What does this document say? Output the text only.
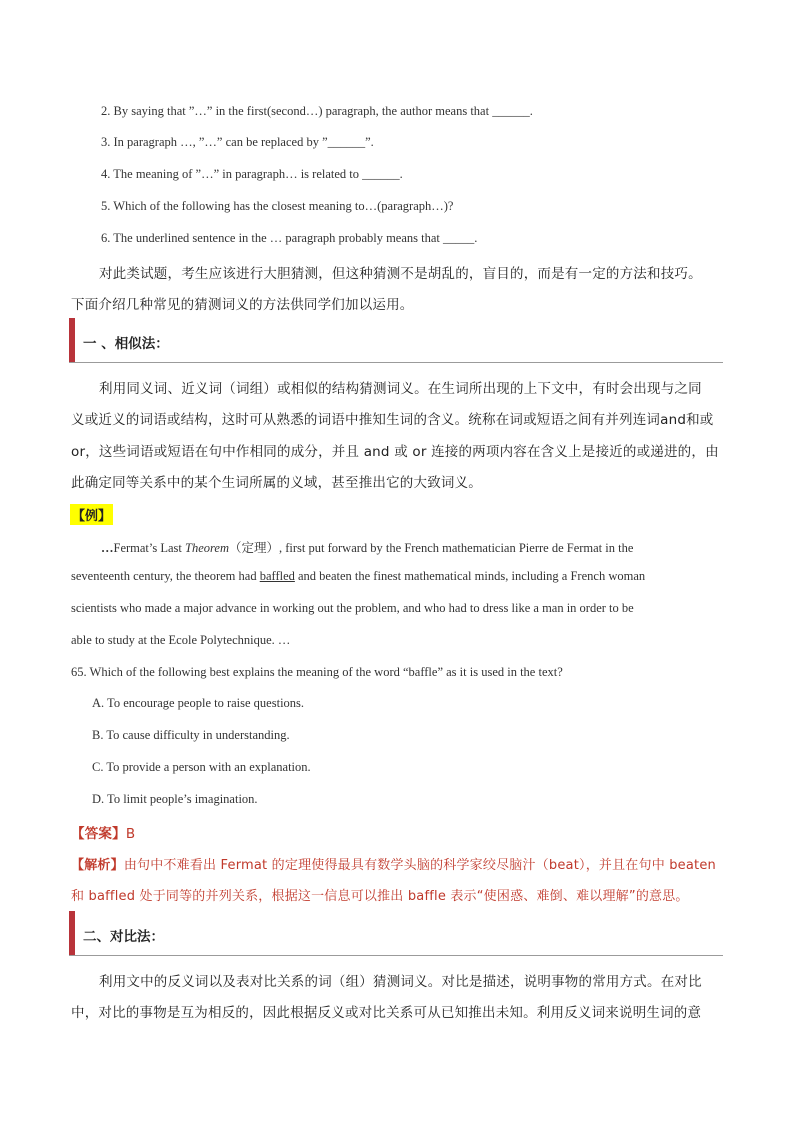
2. By saying that ”…” in the first(second…) paragraph, the author means that ______.
3. In paragraph …, ”…” can be replaced by ”______”.
4. The meaning of ”…” in paragraph… is related to ______.
5. Which of the following has the closest meaning to…(paragraph…)?
6. The underlined sentence in the … paragraph probably means that _____.
对此类试题，考生应该进行大胆猜测，但这种猜测不是胡乱的，盲目的，而是有一定的方法和技巧。
下面介绍几种常见的猜测词义的方法供同学们加以运用。
一 、相似法：
利用同义词、近义词（词组）或相似的结构猜测词义。在生词所出现的上下文中，有时会出现与之同
义或近义的词语或结构，这时可从熟悉的词语中推知生词的含义。统称在词或短语之间有并列连词and和或
or，这些词语或短语在句中作相同的成分，并且 and 或 or 连接的两项内容在含义上是接近的或递进的，由
此确定同等关系中的某个生词所属的义域，甚至推出它的大致词义。
【例】
…Fermat’s Last Theorem（定理）, first put forward by the French mathematician Pierre de Fermat in the
seventeenth century, the theorem had baffled and beaten the finest mathematical minds, including a French woman
scientists who made a major advance in working out the problem, and who had to dress like a man in order to be
able to study at the Ecole Polytechnique. …
65. Which of the following best explains the meaning of the word “baffle” as it is used in the text?
A. To encourage people to raise questions.
B. To cause difficulty in understanding.
C. To provide a person with an explanation.
D. To limit people’s imagination.
【答案】B
【解析】由句中不难看出 Fermat 的定理使得最具有数学头脑的科学家绞尽脑汁（beat），并且在句中 beaten
和 baffled 处于同等的并列关系，根据这一信息可以推出 baffle 表示“使困惑、难倒、难以理解”的意思。
二、对比法：
利用文中的反义词以及表对比关系的词（组）猜测词义。对比是描述，说明事物的常用方式。在对比
中，对比的事物是互为相反的，因此根据反义或对比关系可从已知推出未知。利用反义词来说明生词的意
